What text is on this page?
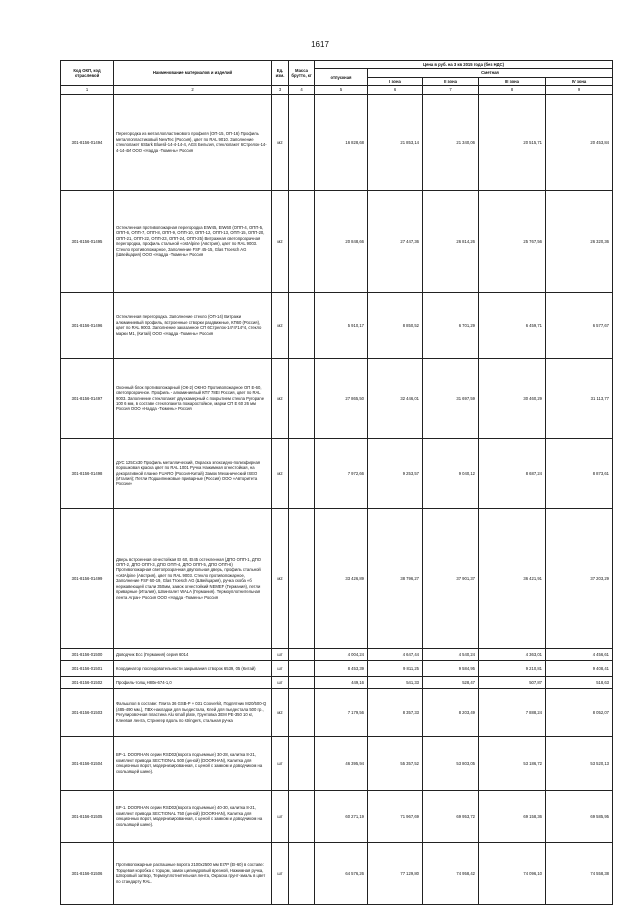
1617
Код ОКП, код отраслевой	Наименование материалов и изделий	Ед. изм.	Масса брутто, кг	Цена в руб. на 3 кв 2015 года (без НДС)				
				отпускная	Сметная			
					I зона	II зона	III зона	IV зона
1	2	3	4	5	6	7	8	9
301-8156-01494	Перегородка из металлопластикового профиля (ОП-15, ОП-16) Профиль металлопластиковый NewTec (Россия), цвет по RAL 9010. Заполнение стеклопакет 6Stark Bluesil-14-4-14-4, AGS Бельгия, стеклопакет 6Стрелок-14-4-14-4И ООО «Надда -Тюмень» Россия	м2		16 828,68	21 853,14	21 340,06	20 515,71	20 453,84
301-8156-01495	Остекленная противопожарная перегородка EIW45, EIW60 (ОПП-4, ОПП-5, ОПП-6, ОПП-7, ОПП-8, ОПП-9, ОПП-10, ОПП-12, ОПП-13, ОПП-15, ОПП-20, ОПП-21, ОПП-22, ОПП-23, ОПП-24, ОПП-25) Витражная светопрозрачная перегородка, профиль стальной «ostAlpine (Австрия), цвет по RAL 9003. Стекло противопожарное, Заполнение FSF 45-15, Glas Troesch AG (Швейцария) ООО «Надда -Тюмень» Россия	м2		20 848,66	27 447,36	26 814,26	25 767,56	26 320,36
301-8156-01496	Остекленная перегородка. Заполнение стекло (ОП-14) Витражи алюминиевый профиль, встроенные створки раздвижные, КП60 (Россия), цвет по RAL 9003. Заполнение заказанное СП 6Стрелок-14*4*14*4, стекло марки М1, (Китай) ООО «Надда -Тюмень» Россия	м2		5 910,17	8 850,52	6 701,29	6 459,71	6 577,67
301-8156-01497	Оконный блок противопожарный (ОК-2) ОКНО Противопожарное ОП Е-60, светопрозрачное. Профиль - алюминиевый КП7 78EI Россия, цвет по RAL 9003. Заполнение стеклопакет двухкамерный с покрытием стекла Pyropane 100 6 мм, в составе стеклопакета пожаростойкое, марки СП Е 60 26 мм Россия ООО «Надда -Тюмень» Россия	м2		27 865,50	32 446,01	31 697,59	30 460,29	31 113,77
301-8156-01498	ДУС 125Сx30 Профиль металлический, Окраска эпоксидно-полиэфирная порошковая краска цвет по RAL 1001 Ручка Нажимная огнестойкая, на декоративной планке FUARO (Россия-Китай) Замок Механический ISEO (Италия); Петли Подшипниковые приварные (Россия) ООО «Авторитета России»	м2		7 972,66	9 253,57	9 040,12	8 687,24	8 873,61
301-8156-01499	Дверь встроенная огнестойкая EI 60, EI45 остекленная (ДПО ОПП-1, ДПО ОПП-2, ДПО ОПП-3, ДПО ОПП-4, ДПО ОПП-5, ДПО ОПП-6) Противопожарная светопрозрачная двупольная дверь, профиль стальной «ostAlpine (Австрия), цвет по RAL 9003. Стекло противопожарное, Заполнение FSF 60-19, Glas Troesch AG (Швейцария), ручка скоба «б нержавеющей стали 350мм, замок огнестойкий NEMEF (Германия), петли приварные (Италия), Шпингалет WALA (Германия). Термоуплотнительная лента Агран- Россия ООО «Надда -Тюмень» Россия	м2		33 426,89	38 796,27	37 901,37	36 421,91	37 203,29
301-8156-01500	Доводчик Ecc (Германия) серия 6014	шт		4 004,24	4 647,44	4 540,24	4 363,01	4 456,61
301-8156-01501	Координатор последовательности закрывания створок 6539, 05 (Китай)	шт		8 453,39	9 811,25	9 584,95	9 210,81	9 408,41
301-8156-01502	Профиль-толщ Н80к-674-1,0	шт		449,16	541,33	528,47	507,87	518,63
301-8156-01503	Фальшпол в составе: Плита 36 GSB-P + 031 Cooverkit, Подпятник М20/500-Q (485-490 мм.), ПВХ-накладки для пьедестала, Клей для пьедестала 500 гр., Регулировочная пластина Alu small plate, Грунтовка ЗЕМ PE-350 10 кг, Клеевая лента, Стрингер вдоль по stringers, стальная ручка	м2		7 179,56	8 357,33	8 203,49	7 888,24	8 052,07
301-8156-01504	ВР-1. DOORHAN серии RSD02(ворота подъемные) 30-28, калитка 8-21, комплект привода SECTIONAL 500 (ценой) (DOORHAN), Калитка для секционных ворот, модернизированная, с ценой с замком и доводчиком на скользящей шине).	шт		46 395,94	55 357,52	53 803,05	53 186,72	53 520,13
301-8156-01505	ВР-1. DOORHAN серии RSD02(ворота подъемные) 40-30, калитка 8-21, комплект привода SECTIONAL 750 (ценой) (DOORHAN), Калитка для секционных ворот, модернизированная, с ценой с замком и доводчиком на скользящей шине).	шт		60 271,19	71 967,69	69 953,72	69 158,36	69 585,95
301-8156-01506	Противопожарные распашные ворота 2100х2500 мм EI7P (EI-60) в составе: Торцевая коробка с торцом, замок цилиндровый врезной, Нажимная ручка, Шпоровый затвор, Термоуплотнительная лента, Окраска грунт-эмаль в цвет по стандарту RAL.	шт		64 576,26	77 129,80	74 958,42	74 096,10	74 558,38
